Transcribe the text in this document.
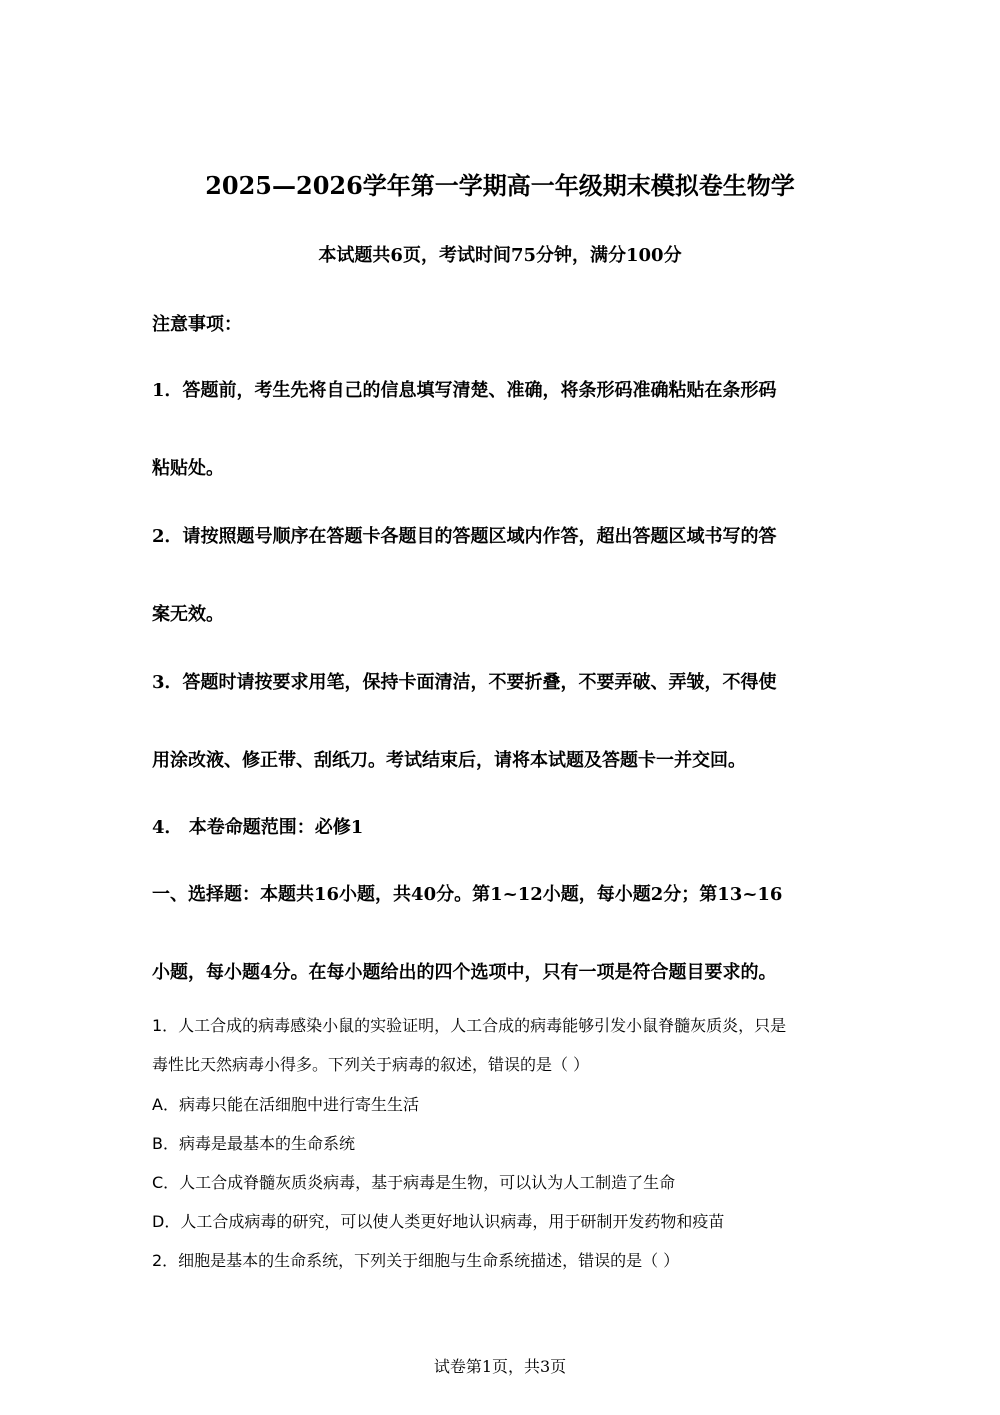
2025—2026学年第一学期高一年级期末模拟卷生物学
本试题共6页，考试时间75分钟，满分100分
注意事项：
1．答题前，考生先将自己的信息填写清楚、准确，将条形码准确粘贴在条形码
粘贴处。
2．请按照题号顺序在答题卡各题目的答题区域内作答，超出答题区域书写的答
案无效。
3．答题时请按要求用笔，保持卡面清洁，不要折叠，不要弄破、弄皱，不得使
用涂改液、修正带、刮纸刀。考试结束后，请将本试题及答题卡一并交回。
4． 本卷命题范围：必修1
一、选择题：本题共16小题，共40分。第1~12小题，每小题2分；第13~16
小题，每小题4分。在每小题给出的四个选项中，只有一项是符合题目要求的。
1．人工合成的病毒感染小鼠的实验证明，人工合成的病毒能够引发小鼠脊髓灰质炎，只是
毒性比天然病毒小得多。下列关于病毒的叙述，错误的是（ ）
A．病毒只能在活细胞中进行寄生生活
B．病毒是最基本的生命系统
C．人工合成脊髓灰质炎病毒，基于病毒是生物，可以认为人工制造了生命
D．人工合成病毒的研究，可以使人类更好地认识病毒，用于研制开发药物和疫苗
2．细胞是基本的生命系统，下列关于细胞与生命系统描述，错误的是（ ）
试卷第1页，共3页
